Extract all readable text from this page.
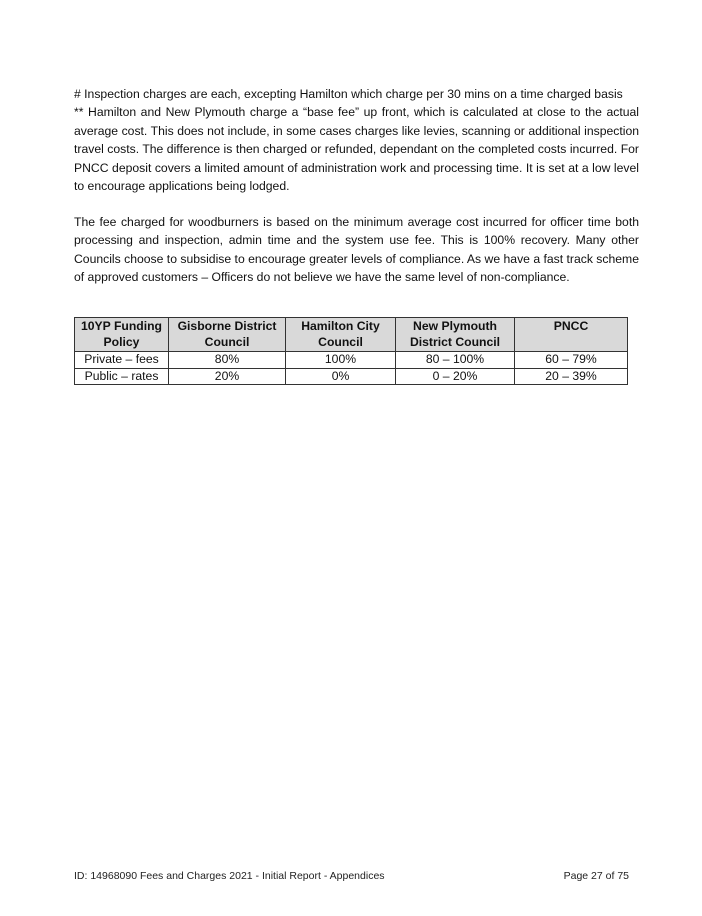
# Inspection charges are each, excepting Hamilton which charge per 30 mins on a time charged basis

** Hamilton and New Plymouth charge a “base fee” up front, which is calculated at close to the actual average cost. This does not include, in some cases charges like levies, scanning or additional inspection travel costs. The difference is then charged or refunded, dependant on the completed costs incurred. For PNCC deposit covers a limited amount of administration work and processing time. It is set at a low level to encourage applications being lodged.

The fee charged for woodburners is based on the minimum average cost incurred for officer time both processing and inspection, admin time and the system use fee. This is 100% recovery. Many other Councils choose to subsidise to encourage greater levels of compliance. As we have a fast track scheme of approved customers – Officers do not believe we have the same level of non-compliance.

10YP Funding Policy	Gisborne District Council	Hamilton City Council	New Plymouth District Council	PNCC
Private – fees	80%	100%	80 – 100%	60 – 79%
Public – rates	20%	0%	0 – 20%	20 – 39%
ID: 14968090 Fees and Charges 2021 - Initial Report - Appendices	Page 27 of 75
